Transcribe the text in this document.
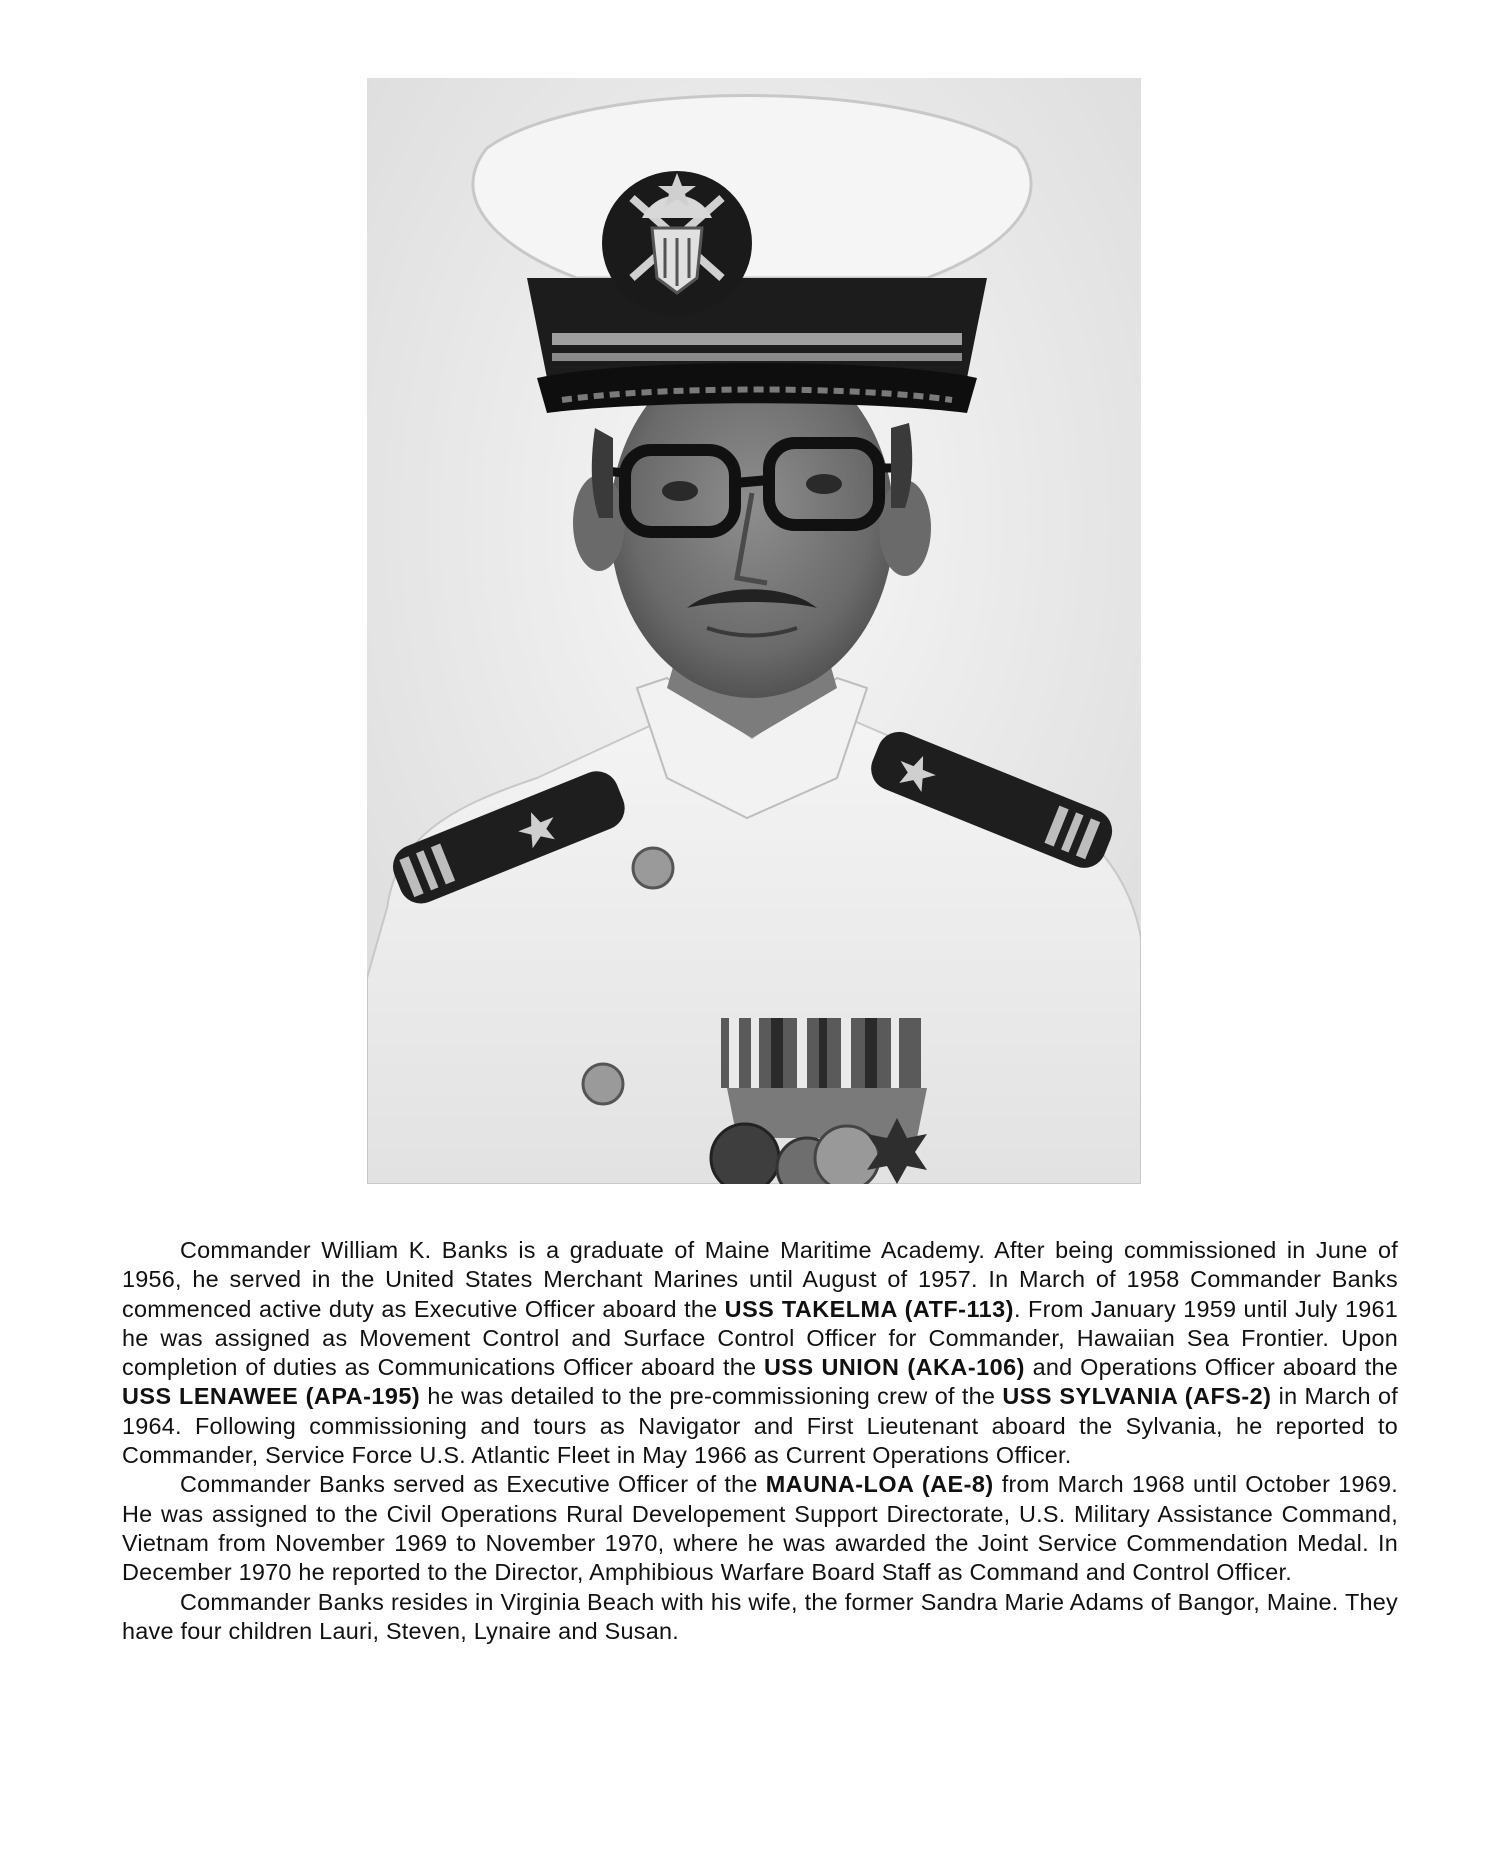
Commander William K. Banks is a graduate of Maine Maritime Academy. After being commissioned in June of 1956, he served in the United States Merchant Marines until August of 1957. In March of 1958 Commander Banks commenced active duty as Executive Officer aboard the USS TAKELMA (ATF-113). From January 1959 until July 1961 he was assigned as Movement Control and Surface Control Officer for Commander, Hawaiian Sea Frontier. Upon completion of duties as Communications Officer aboard the USS UNION (AKA-106) and Operations Officer aboard the USS LENAWEE (APA-195) he was detailed to the pre-commissioning crew of the USS SYLVANIA (AFS-2) in March of 1964. Following commissioning and tours as Navigator and First Lieutenant aboard the Sylvania, he reported to Commander, Service Force U.S. Atlantic Fleet in May 1966 as Current Operations Officer.

Commander Banks served as Executive Officer of the MAUNA-LOA (AE-8) from March 1968 until October 1969. He was assigned to the Civil Operations Rural Developement Support Directorate, U.S. Military Assistance Command, Vietnam from November 1969 to November 1970, where he was awarded the Joint Service Commendation Medal. In December 1970 he reported to the Director, Amphibious Warfare Board Staff as Command and Control Officer.

Commander Banks resides in Virginia Beach with his wife, the former Sandra Marie Adams of Bangor, Maine. They have four children Lauri, Steven, Lynaire and Susan.
